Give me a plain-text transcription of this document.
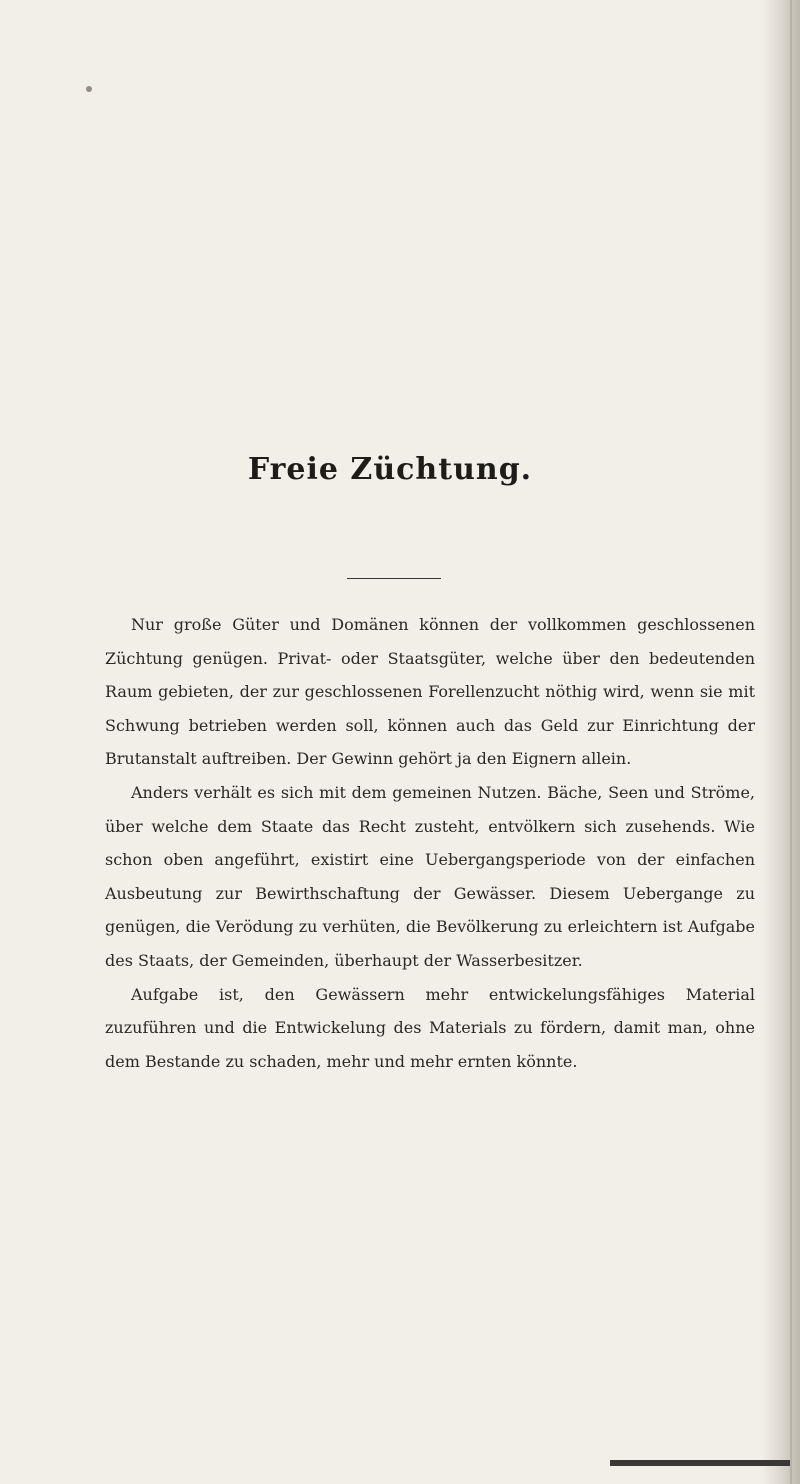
Freie Züchtung.

Nur große Güter und Domänen können der vollkommen geschlossenen Züchtung genügen. Privat- oder Staatsgüter, welche über den bedeutenden Raum gebieten, der zur geschlossenen Forellenzucht nöthig wird, wenn sie mit Schwung betrieben werden soll, können auch das Geld zur Einrichtung der Brutanstalt auftreiben. Der Gewinn gehört ja den Eignern allein.

Anders verhält es sich mit dem gemeinen Nutzen. Bäche, Seen und Ströme, über welche dem Staate das Recht zusteht, entvölkern sich zusehends. Wie schon oben angeführt, existirt eine Uebergangsperiode von der einfachen Ausbeutung zur Bewirthschaftung der Gewässer. Diesem Uebergange zu genügen, die Verödung zu verhüten, die Bevölkerung zu erleichtern ist Aufgabe des Staats, der Gemeinden, überhaupt der Wasserbesitzer.

Aufgabe ist, den Gewässern mehr entwickelungsfähiges Material zuzuführen und die Entwickelung des Materials zu fördern, damit man, ohne dem Bestande zu schaden, mehr und mehr ernten könnte.
